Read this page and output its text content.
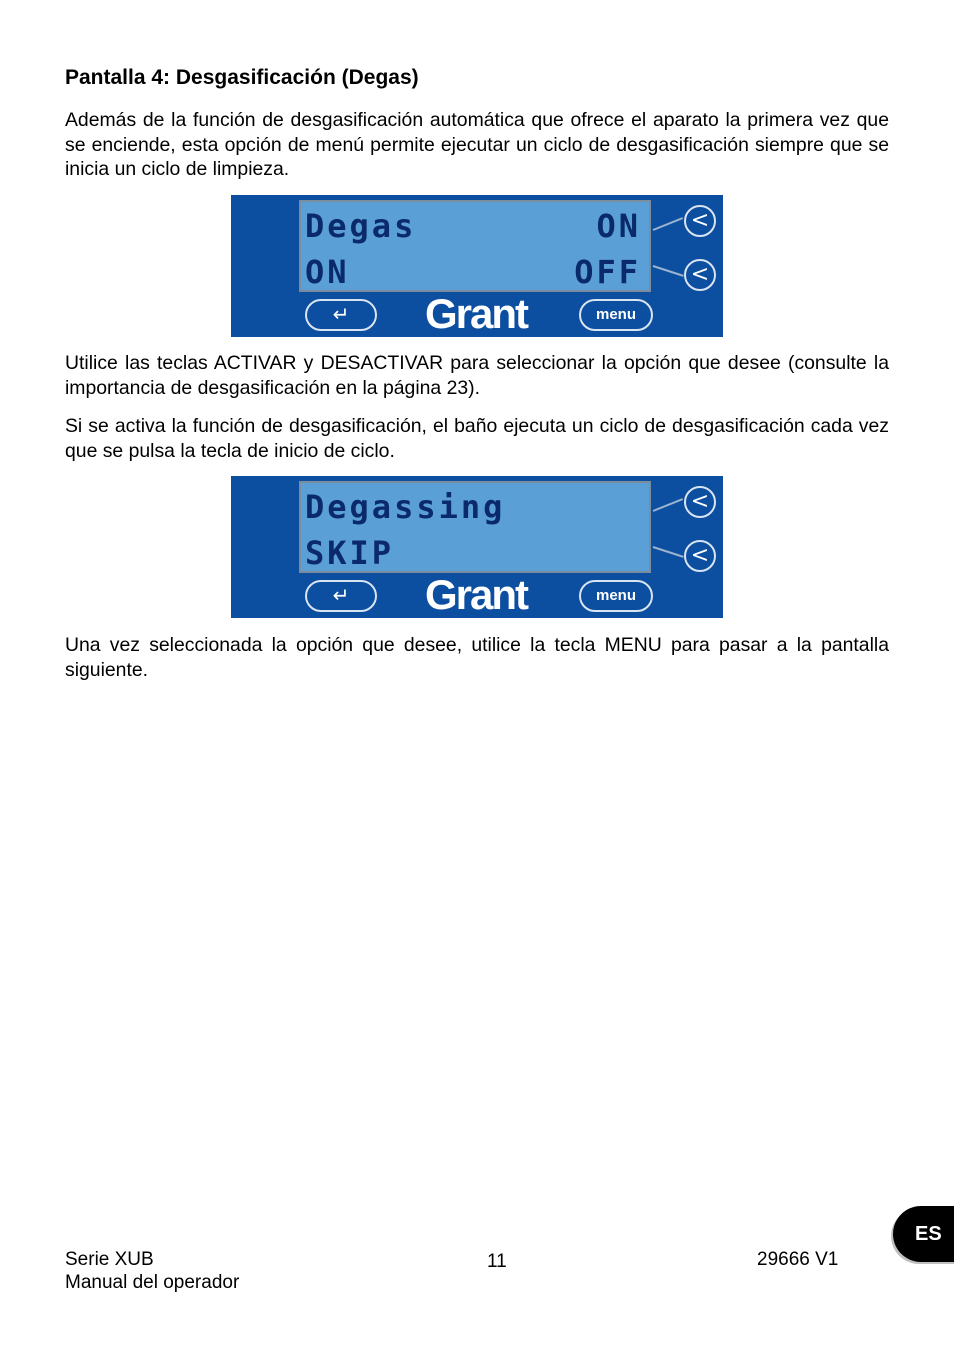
Pantalla 4: Desgasificación (Degas)

Además de la función de desgasificación automática que ofrece el aparato la primera vez que se enciende, esta opción de menú permite ejecutar un ciclo de desgasificación siempre que se inicia un ciclo de limpieza.

Degas

	ON

ON

	OFF

<
<
↵	Grant	menu

Utilice las teclas ACTIVAR y DESACTIVAR para seleccionar la opción que desee (consulte la importancia de desgasificación en la página 23).

Si se activa la función de desgasificación, el baño ejecuta un ciclo de desgasificación cada vez que se pulsa la tecla de inicio de ciclo.

Degassing

SKIP

<
<
↵	Grant	menu

Una vez seleccionada la opción que desee, utilice la tecla MENU para pasar a la pantalla siguiente.

Serie XUB
Manual del operador
11	29666 V1
ES
